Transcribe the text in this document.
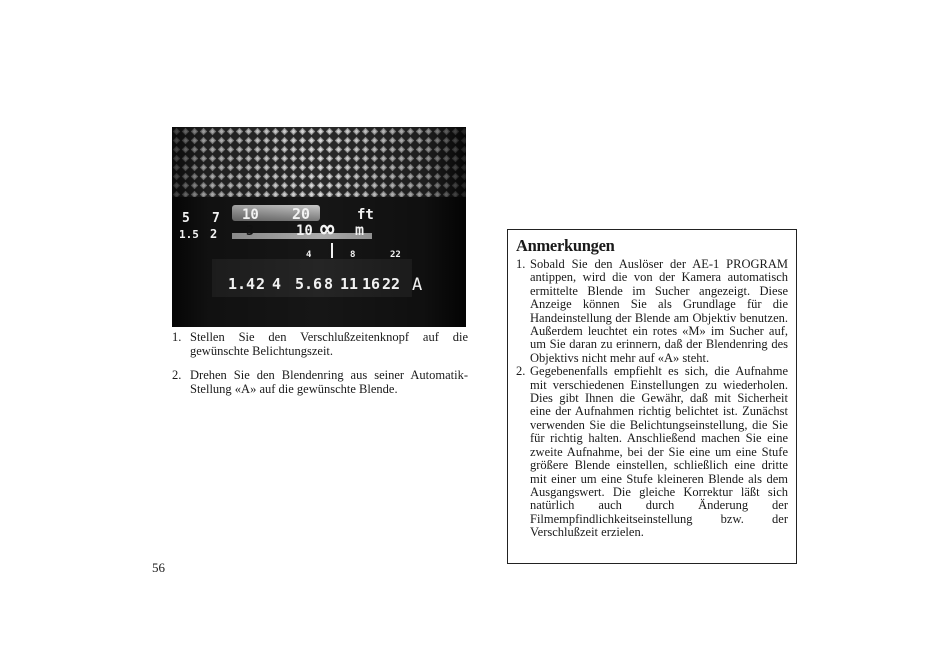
5 7 10 20	ft
1.5 2 3	10	m
∞
4	8	22
1.4 2 4 5.6 8 11 16 22 A
1. Stellen Sie den Verschlußzeitenknopf auf die gewünschte Belichtungszeit.
2. Drehen Sie den Blendenring aus seiner Automatik-Stellung «A» auf die gewünschte Blende.
Anmerkungen
1. Sobald Sie den Auslöser der AE-1 PROGRAM antippen, wird die von der Kamera automatisch ermittelte Blende im Sucher angezeigt. Diese Anzeige können Sie als Grundlage für die Handeinstellung der Blende am Objektiv benutzen. Außerdem leuchtet ein rotes «M» im Sucher auf, um Sie daran zu erinnern, daß der Blendenring des Objektivs nicht mehr auf «A» steht.
2. Gegebenenfalls empfiehlt es sich, die Aufnahme mit verschiedenen Einstellungen zu wiederholen. Dies gibt Ihnen die Gewähr, daß mit Sicherheit eine der Aufnahmen richtig belichtet ist. Zunächst verwenden Sie die Belichtungseinstellung, die Sie für richtig halten. Anschließend machen Sie eine zweite Aufnahme, bei der Sie eine um eine Stufe größere Blende einstellen, schließlich eine dritte mit einer um eine Stufe kleineren Blende als dem Ausgangswert. Die gleiche Korrektur läßt sich natürlich auch durch Änderung der Filmempfindlichkeitseinstellung bzw. der Verschlußzeit erzielen.
56
